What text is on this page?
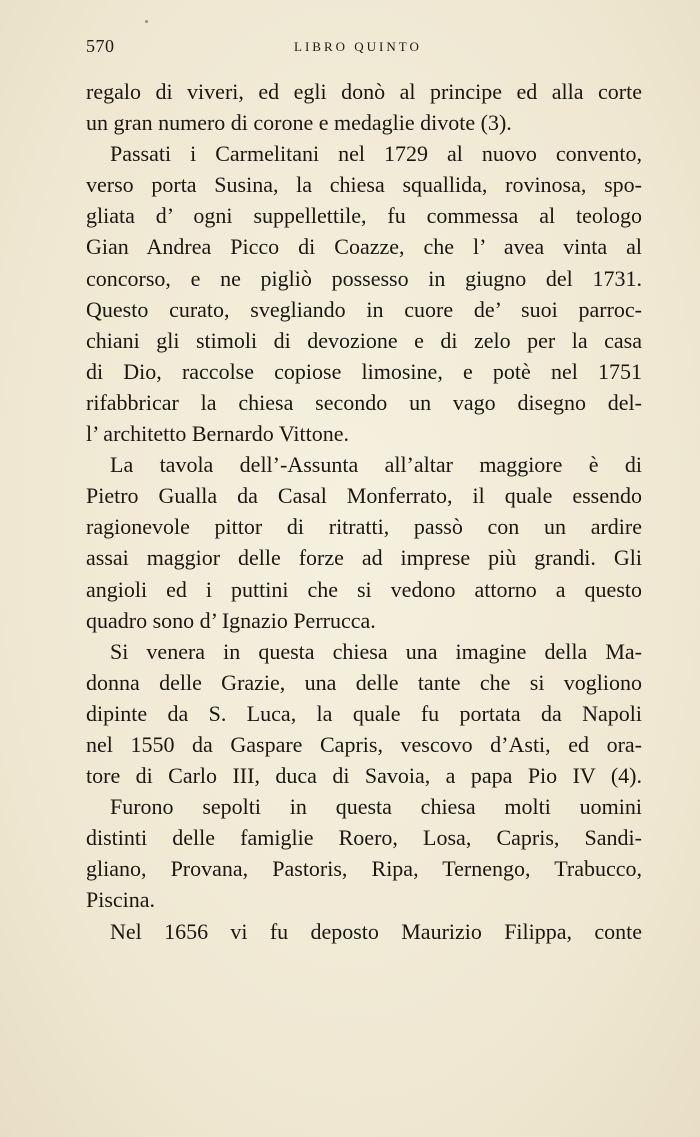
570	LIBRO QUINTO
regalo di viveri, ed egli donò al principe ed alla corte
un gran numero di corone e medaglie divote (3).
Passati i Carmelitani nel 1729 al nuovo convento,
verso porta Susina, la chiesa squallida, rovinosa, spo-
gliata d’ ogni suppellettile, fu commessa al teologo
Gian Andrea Picco di Coazze, che l’ avea vinta al
concorso, e ne pigliò possesso in giugno del 1731.
Questo curato, svegliando in cuore de’ suoi parroc-
chiani gli stimoli di devozione e di zelo per la casa
di Dio, raccolse copiose limosine, e potè nel 1751
rifabbricar la chiesa secondo un vago disegno del-
l’ architetto Bernardo Vittone.
La tavola dell’-Assunta all’altar maggiore è di
Pietro Gualla da Casal Monferrato, il quale essendo
ragionevole pittor di ritratti, passò con un ardire
assai maggior delle forze ad imprese più grandi. Gli
angioli ed i puttini che si vedono attorno a questo
quadro sono d’ Ignazio Perrucca.
Si venera in questa chiesa una imagine della Ma-
donna delle Grazie, una delle tante che si vogliono
dipinte da S. Luca, la quale fu portata da Napoli
nel 1550 da Gaspare Capris, vescovo d’Asti, ed ora-
tore di Carlo III, duca di Savoia, a papa Pio IV (4).
Furono sepolti in questa chiesa molti uomini
distinti delle famiglie Roero, Losa, Capris, Sandi-
gliano, Provana, Pastoris, Ripa, Ternengo, Trabucco,
Piscina.
Nel 1656 vi fu deposto Maurizio Filippa, conte
